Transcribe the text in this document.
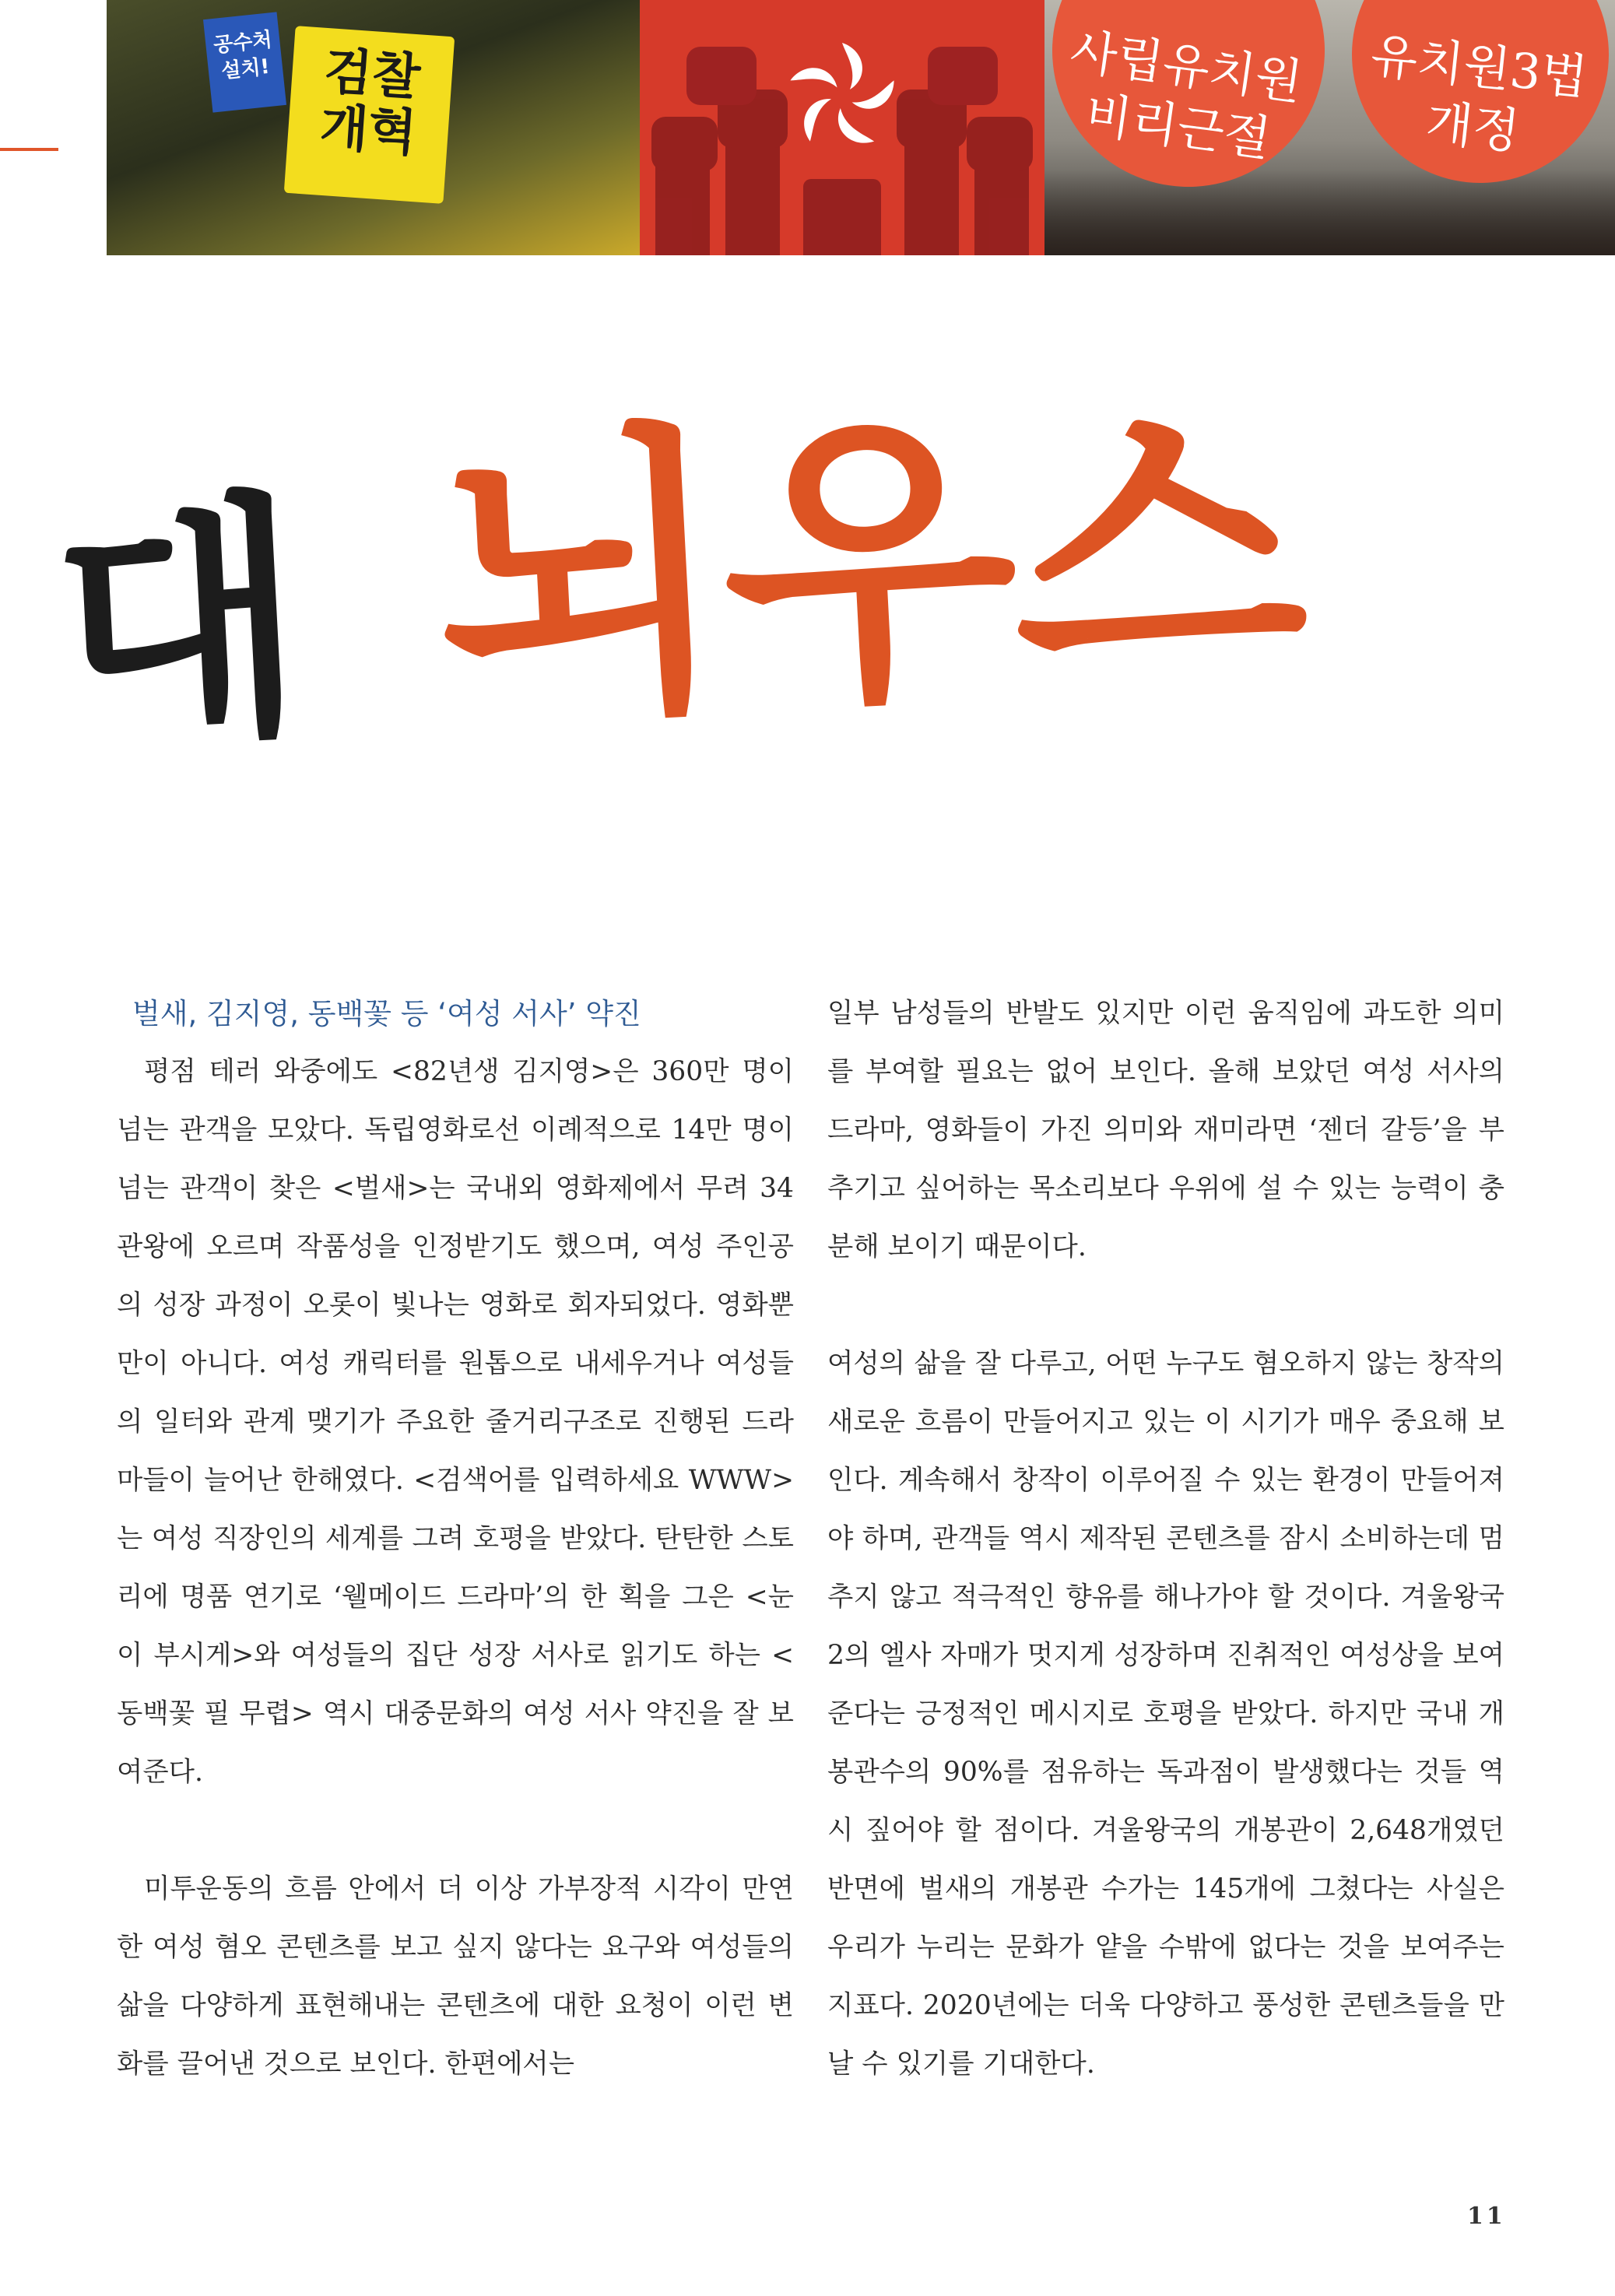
공수처
설치!	검찰
개혁
사립유치원
비리근절
유치원3법
개정
대 뇌우스

벌새, 김지영, 동백꽃 등 ‘여성 서사’ 약진

평점 테러 와중에도 <82년생 김지영>은 360만 명이 넘는 관객을 모았다. 독립영화로선 이례적으로 14만 명이 넘는 관객이 찾은 <벌새>는 국내외 영화제에서 무려 34관왕에 오르며 작품성을 인정받기도 했으며, 여성 주인공의 성장 과정이 오롯이 빛나는 영화로 회자되었다. 영화뿐만이 아니다. 여성 캐릭터를 원톱으로 내세우거나 여성들의 일터와 관계 맺기가 주요한 줄거리구조로 진행된 드라마들이 늘어난 한해였다. <검색어를 입력하세요 WWW>는 여성 직장인의 세계를 그려 호평을 받았다. 탄탄한 스토리에 명품 연기로 ‘웰메이드 드라마’의 한 획을 그은 <눈이 부시게>와 여성들의 집단 성장 서사로 읽기도 하는 <동백꽃 필 무렵> 역시 대중문화의 여성 서사 약진을 잘 보여준다.

미투운동의 흐름 안에서 더 이상 가부장적 시각이 만연한 여성 혐오 콘텐츠를 보고 싶지 않다는 요구와 여성들의 삶을 다양하게 표현해내는 콘텐츠에 대한 요청이 이런 변화를 끌어낸 것으로 보인다. 한편에서는

일부 남성들의 반발도 있지만 이런 움직임에 과도한 의미를 부여할 필요는 없어 보인다. 올해 보았던 여성 서사의 드라마, 영화들이 가진 의미와 재미라면 ‘젠더 갈등’을 부추기고 싶어하는 목소리보다 우위에 설 수 있는 능력이 충분해 보이기 때문이다.

여성의 삶을 잘 다루고, 어떤 누구도 혐오하지 않는 창작의 새로운 흐름이 만들어지고 있는 이 시기가 매우 중요해 보인다. 계속해서 창작이 이루어질 수 있는 환경이 만들어져야 하며, 관객들 역시 제작된 콘텐츠를 잠시 소비하는데 멈추지 않고 적극적인 향유를 해나가야 할 것이다. 겨울왕국2의 엘사 자매가 멋지게 성장하며 진취적인 여성상을 보여준다는 긍정적인 메시지로 호평을 받았다. 하지만 국내 개봉관수의 90%를 점유하는 독과점이 발생했다는 것들 역시 짚어야 할 점이다. 겨울왕국의 개봉관이 2,648개였던 반면에 벌새의 개봉관 수가는 145개에 그쳤다는 사실은 우리가 누리는 문화가 얕을 수밖에 없다는 것을 보여주는 지표다. 2020년에는 더욱 다양하고 풍성한 콘텐츠들을 만날 수 있기를 기대한다.

11
